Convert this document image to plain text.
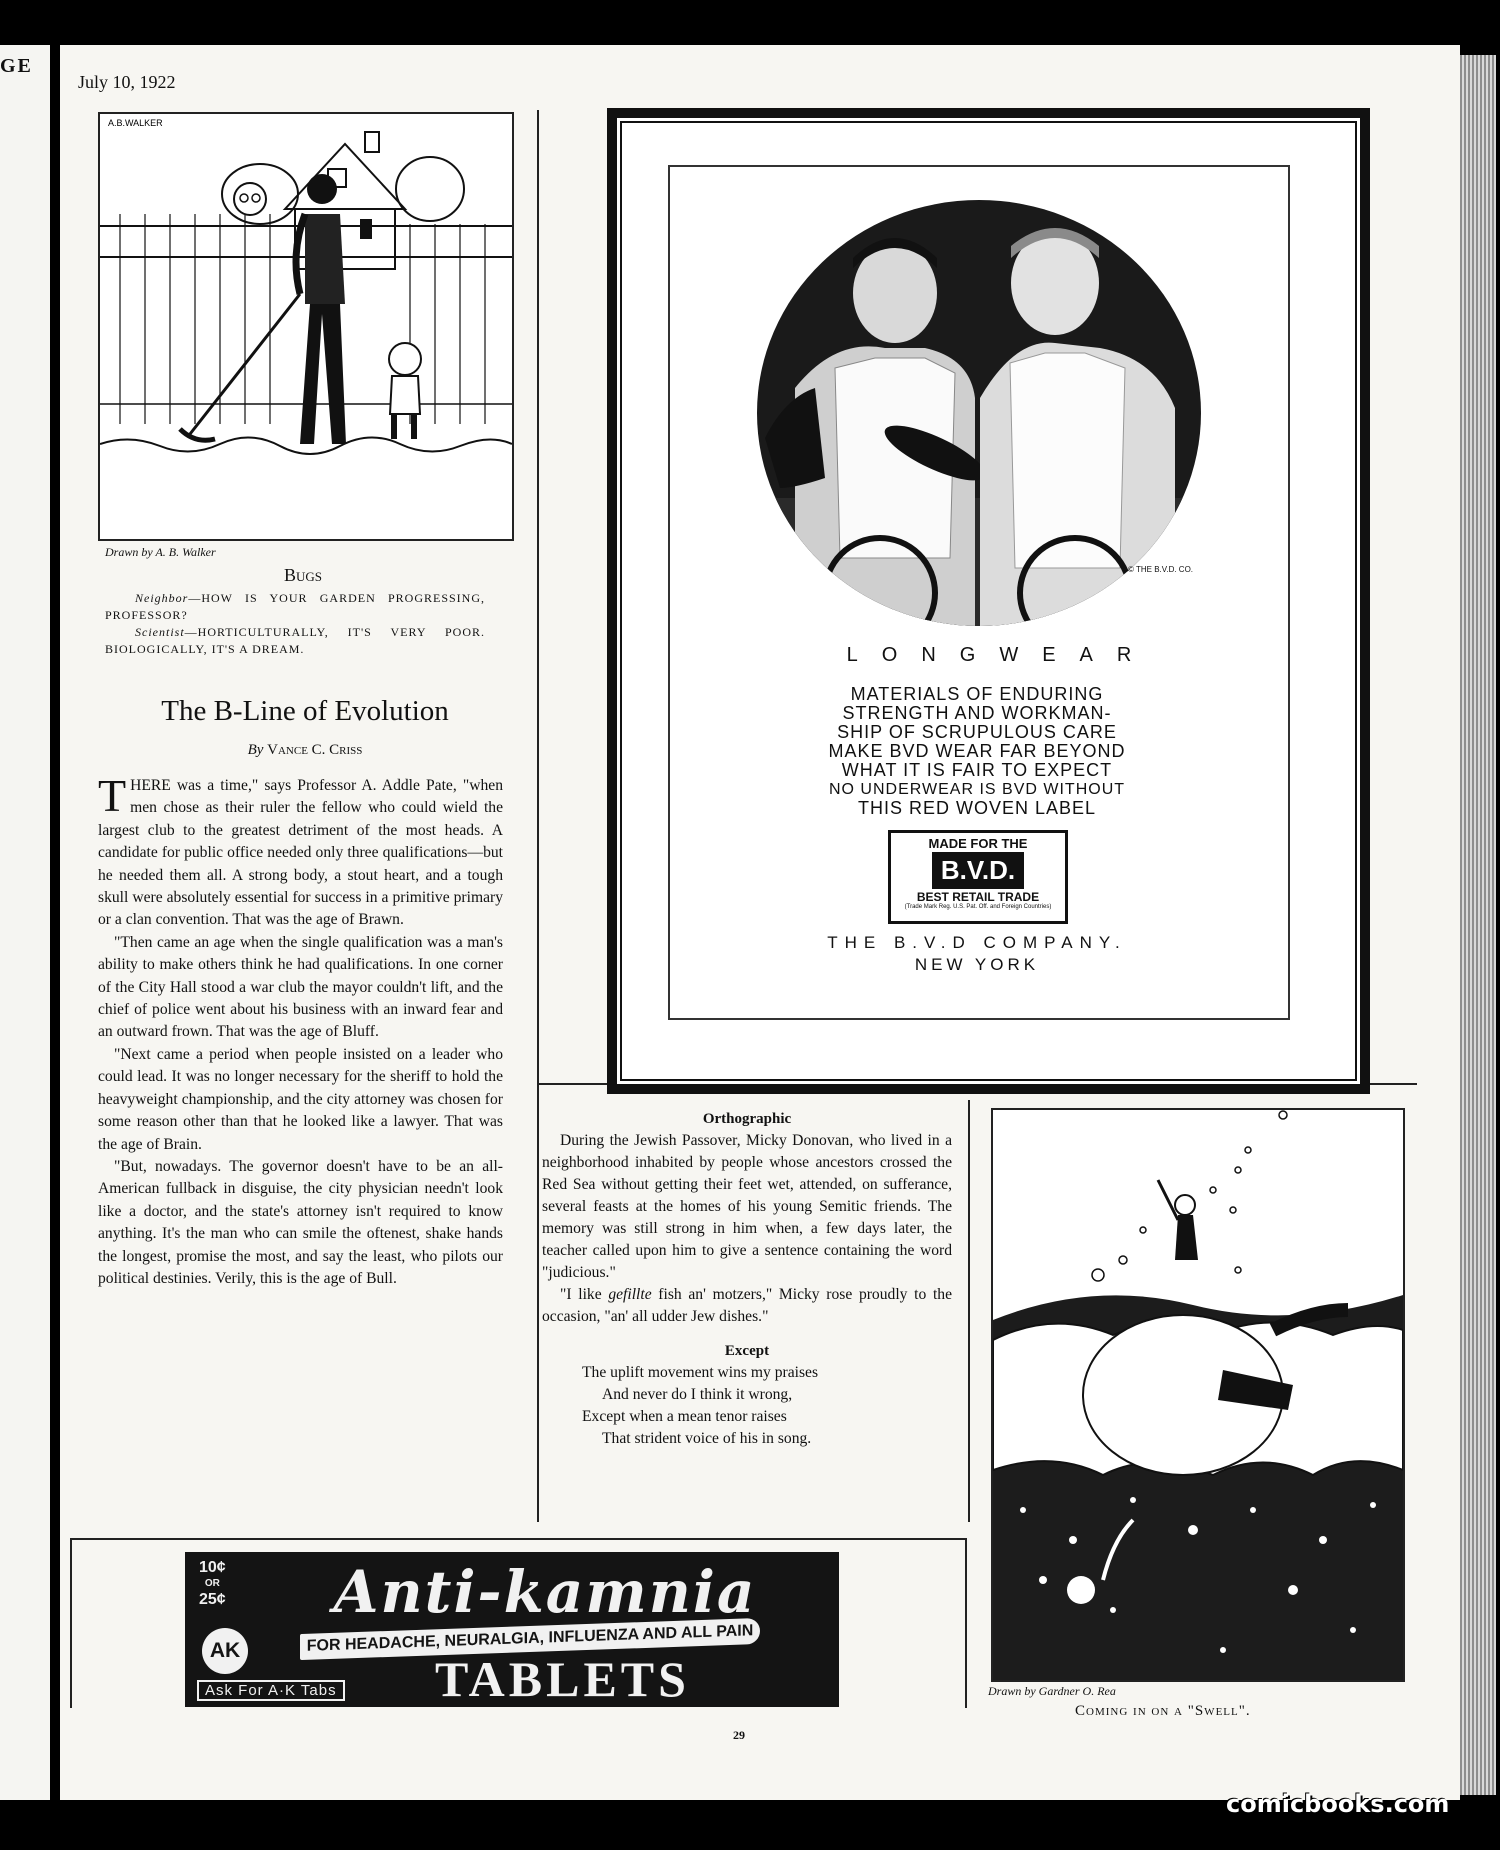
GE
July 10, 1922
A.B.WALKER
Drawn by A. B. Walker
Bugs
Neighbor—HOW IS YOUR GARDEN PROGRESSING, PROFESSOR?
Scientist—HORTICULTURALLY, IT'S VERY POOR. BIOLOGICALLY, IT'S A DREAM.
The B-Line of Evolution
By Vance C. Criss

THERE was a time," says Professor A. Addle Pate, "when men chose as their ruler the fellow who could wield the largest club to the greatest detriment of the most heads. A candidate for public office needed only three qualifications—but he needed them all. A strong body, a stout heart, and a tough skull were absolutely essential for success in a primitive primary or a clan convention. That was the age of Brawn.

"Then came an age when the single qualification was a man's ability to make others think he had qualifications. In one corner of the City Hall stood a war club the mayor couldn't lift, and the chief of police went about his business with an inward fear and an outward frown. That was the age of Bluff.

"Next came a period when people insisted on a leader who could lead. It was no longer necessary for the sheriff to hold the heavyweight championship, and the city attorney was chosen for some reason other than that he looked like a lawyer. That was the age of Brain.

"But, nowadays. The governor doesn't have to be an all-American fullback in disguise, the city physician needn't look like a doctor, and the state's attorney isn't required to know anything. It's the man who can smile the oftenest, shake hands the longest, promise the most, and say the least, who pilots our political destinies. Verily, this is the age of Bull.

© THE B.V.D. CO.
LONGWEAR
MATERIALS OF ENDURING
STRENGTH AND WORKMAN-
SHIP OF SCRUPULOUS CARE
MAKE BVD WEAR FAR BEYOND
WHAT IT IS FAIR TO EXPECT
NO UNDERWEAR IS BVD WITHOUT
THIS RED WOVEN LABEL
MADE FOR THE
B.V.D.
BEST RETAIL TRADE
(Trade Mark Reg. U.S. Pat. Off. and Foreign Countries)
THE B.V.D COMPANY.
NEW YORK
Orthographic

During the Jewish Passover, Micky Donovan, who lived in a neighborhood inhabited by people whose ancestors crossed the Red Sea without getting their feet wet, attended, on sufferance, several feasts at the homes of his young Semitic friends. The memory was still strong in him when, a few days later, the teacher called upon him to give a sentence containing the word "judicious."

"I like gefillte fish an' motzers," Micky rose proudly to the occasion, "an' all udder Jew dishes."

Except
The uplift movement wins my praises
And never do I think it wrong,
Except when a mean tenor raises
That strident voice of his in song.
Drawn by Gardner O. Rea
Coming in on a "Swell".
10¢
OR
25¢	Anti-kamnia
AK	FOR HEADACHE, NEURALGIA, INFLUENZA AND ALL PAIN
TABLETS
Ask For A·K Tabs
29
comicbooks.com
